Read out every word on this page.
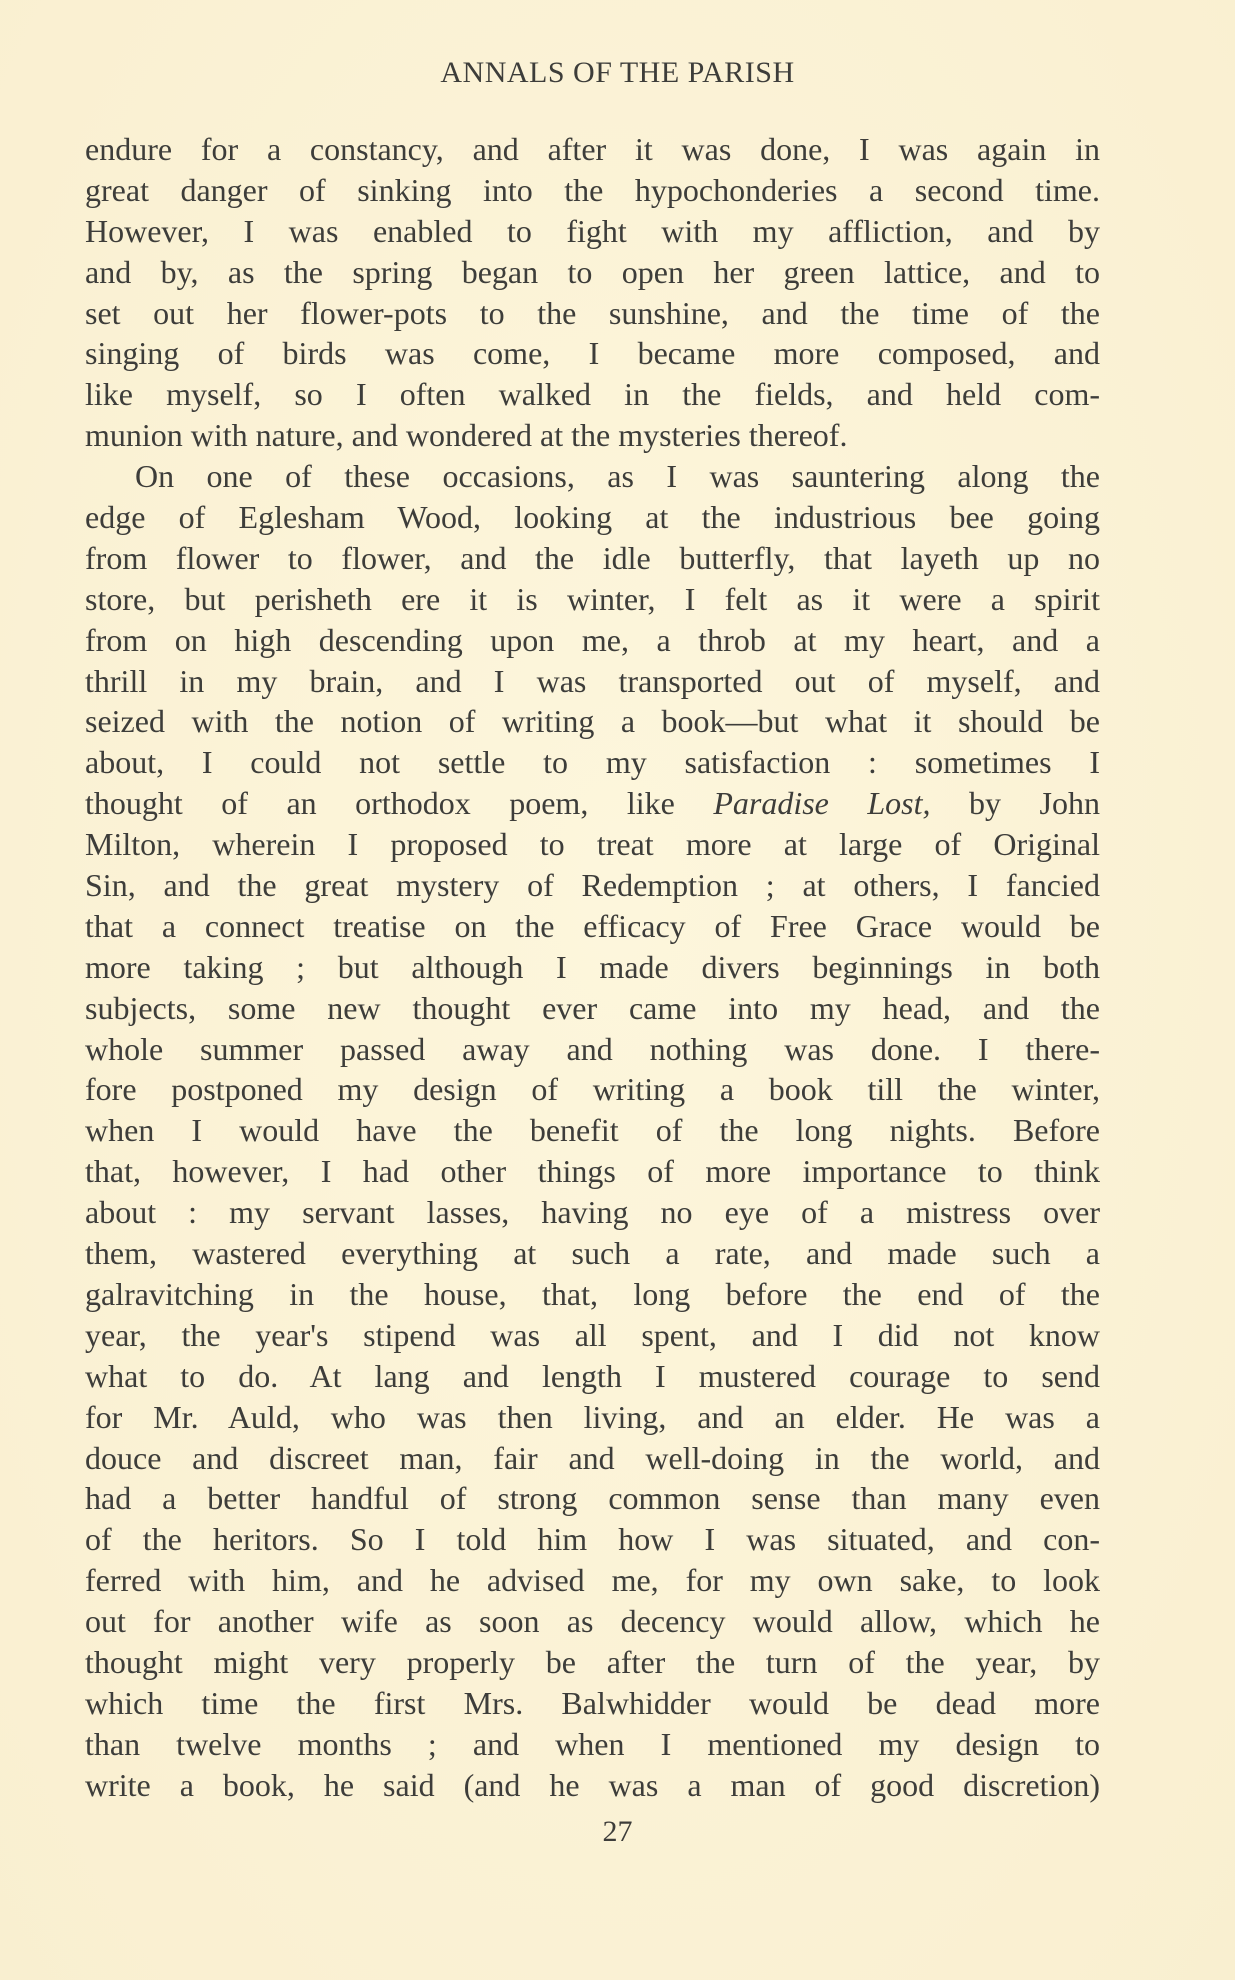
ANNALS OF THE PARISH
endure for a constancy, and after it was done, I was again in
great danger of sinking into the hypochonderies a second time.
However, I was enabled to fight with my affliction, and by
and by, as the spring began to open her green lattice, and to
set out her flower-pots to the sunshine, and the time of the
singing of birds was come, I became more composed, and
like myself, so I often walked in the fields, and held com-
munion with nature, and wondered at the mysteries thereof.
On one of these occasions, as I was sauntering along the
edge of Eglesham Wood, looking at the industrious bee going
from flower to flower, and the idle butterfly, that layeth up no
store, but perisheth ere it is winter, I felt as it were a spirit
from on high descending upon me, a throb at my heart, and a
thrill in my brain, and I was transported out of myself, and
seized with the notion of writing a book—but what it should be
about, I could not settle to my satisfaction : sometimes I
thought of an orthodox poem, like Paradise Lost, by John
Milton, wherein I proposed to treat more at large of Original
Sin, and the great mystery of Redemption ; at others, I fancied
that a connect treatise on the efficacy of Free Grace would be
more taking ; but although I made divers beginnings in both
subjects, some new thought ever came into my head, and the
whole summer passed away and nothing was done. I there-
fore postponed my design of writing a book till the winter,
when I would have the benefit of the long nights. Before
that, however, I had other things of more importance to think
about : my servant lasses, having no eye of a mistress over
them, wastered everything at such a rate, and made such a
galravitching in the house, that, long before the end of the
year, the year's stipend was all spent, and I did not know
what to do. At lang and length I mustered courage to send
for Mr. Auld, who was then living, and an elder. He was a
douce and discreet man, fair and well-doing in the world, and
had a better handful of strong common sense than many even
of the heritors. So I told him how I was situated, and con-
ferred with him, and he advised me, for my own sake, to look
out for another wife as soon as decency would allow, which he
thought might very properly be after the turn of the year, by
which time the first Mrs. Balwhidder would be dead more
than twelve months ; and when I mentioned my design to
write a book, he said (and he was a man of good discretion)
27
